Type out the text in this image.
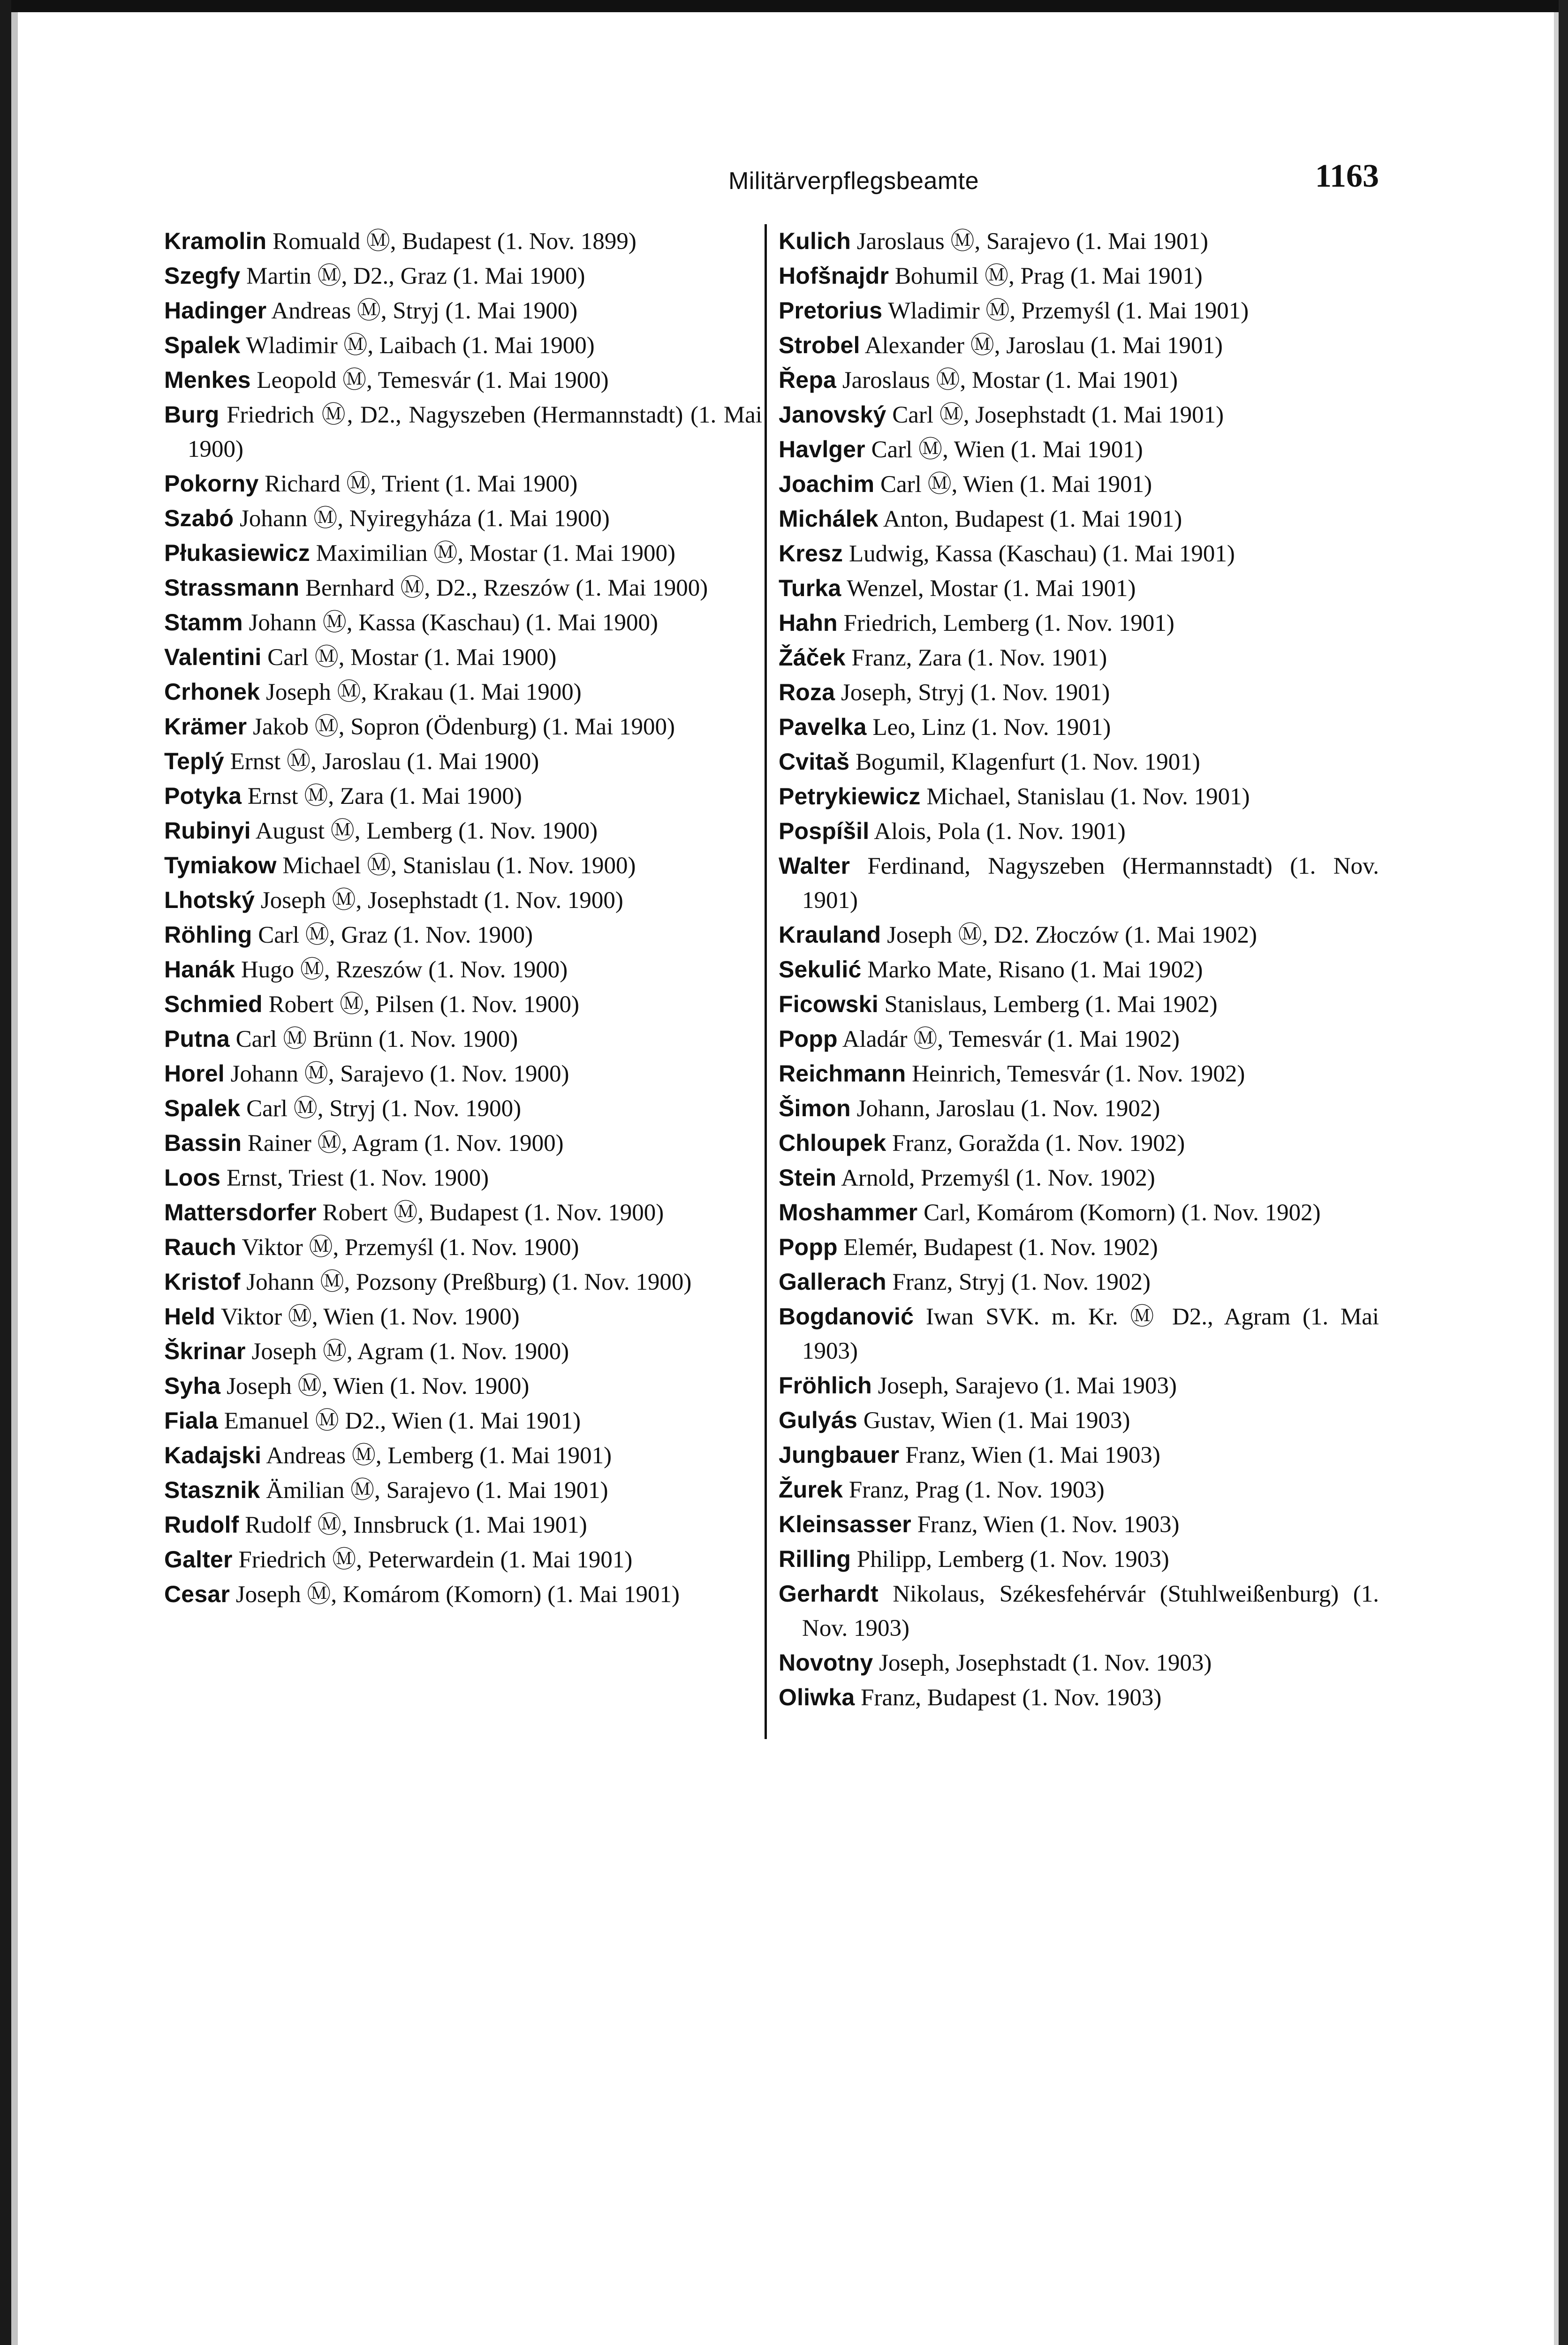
Militärverpflegsbeamte	1163

Kramolin Romuald Ⓜ, Budapest (1. Nov. 1899)

Szegfy Martin Ⓜ, D2., Graz (1. Mai 1900)

Hadinger Andreas Ⓜ, Stryj (1. Mai 1900)

Spalek Wladimir Ⓜ, Laibach (1. Mai 1900)

Menkes Leopold Ⓜ, Temesvár (1. Mai 1900)

Burg Friedrich Ⓜ, D2., Nagyszeben (Hermannstadt) (1. Mai 1900)

Pokorny Richard Ⓜ, Trient (1. Mai 1900)

Szabó Johann Ⓜ, Nyiregyháza (1. Mai 1900)

Płukasiewicz Maximilian Ⓜ, Mostar (1. Mai 1900)

Strassmann Bernhard Ⓜ, D2., Rzeszów (1. Mai 1900)

Stamm Johann Ⓜ, Kassa (Kaschau) (1. Mai 1900)

Valentini Carl Ⓜ, Mostar (1. Mai 1900)

Crhonek Joseph Ⓜ, Krakau (1. Mai 1900)

Krämer Jakob Ⓜ, Sopron (Ödenburg) (1. Mai 1900)

Teplý Ernst Ⓜ, Jaroslau (1. Mai 1900)

Potyka Ernst Ⓜ, Zara (1. Mai 1900)

Rubinyi August Ⓜ, Lemberg (1. Nov. 1900)

Tymiakow Michael Ⓜ, Stanislau (1. Nov. 1900)

Lhotský Joseph Ⓜ, Josephstadt (1. Nov. 1900)

Röhling Carl Ⓜ, Graz (1. Nov. 1900)

Hanák Hugo Ⓜ, Rzeszów (1. Nov. 1900)

Schmied Robert Ⓜ, Pilsen (1. Nov. 1900)

Putna Carl Ⓜ Brünn (1. Nov. 1900)

Horel Johann Ⓜ, Sarajevo (1. Nov. 1900)

Spalek Carl Ⓜ, Stryj (1. Nov. 1900)

Bassin Rainer Ⓜ, Agram (1. Nov. 1900)

Loos Ernst, Triest (1. Nov. 1900)

Mattersdorfer Robert Ⓜ, Budapest (1. Nov. 1900)

Rauch Viktor Ⓜ, Przemyśl (1. Nov. 1900)

Kristof Johann Ⓜ, Pozsony (Preßburg) (1. Nov. 1900)

Held Viktor Ⓜ, Wien (1. Nov. 1900)

Škrinar Joseph Ⓜ, Agram (1. Nov. 1900)

Syha Joseph Ⓜ, Wien (1. Nov. 1900)

Fiala Emanuel Ⓜ D2., Wien (1. Mai 1901)

Kadajski Andreas Ⓜ, Lemberg (1. Mai 1901)

Stasznik Ämilian Ⓜ, Sarajevo (1. Mai 1901)

Rudolf Rudolf Ⓜ, Innsbruck (1. Mai 1901)

Galter Friedrich Ⓜ, Peterwardein (1. Mai 1901)

Cesar Joseph Ⓜ, Komárom (Komorn) (1. Mai 1901)

Kulich Jaroslaus Ⓜ, Sarajevo (1. Mai 1901)

Hofšnajdr Bohumil Ⓜ, Prag (1. Mai 1901)

Pretorius Wladimir Ⓜ, Przemyśl (1. Mai 1901)

Strobel Alexander Ⓜ, Jaroslau (1. Mai 1901)

Řepa Jaroslaus Ⓜ, Mostar (1. Mai 1901)

Janovský Carl Ⓜ, Josephstadt (1. Mai 1901)

Havlger Carl Ⓜ, Wien (1. Mai 1901)

Joachim Carl Ⓜ, Wien (1. Mai 1901)

Michálek Anton, Budapest (1. Mai 1901)

Kresz Ludwig, Kassa (Kaschau) (1. Mai 1901)

Turka Wenzel, Mostar (1. Mai 1901)

Hahn Friedrich, Lemberg (1. Nov. 1901)

Žáček Franz, Zara (1. Nov. 1901)

Roza Joseph, Stryj (1. Nov. 1901)

Pavelka Leo, Linz (1. Nov. 1901)

Cvitaš Bogumil, Klagenfurt (1. Nov. 1901)

Petrykiewicz Michael, Stanislau (1. Nov. 1901)

Pospíšil Alois, Pola (1. Nov. 1901)

Walter Ferdinand, Nagyszeben (Hermannstadt) (1. Nov. 1901)

Krauland Joseph Ⓜ, D2. Złoczów (1. Mai 1902)

Sekulić Marko Mate, Risano (1. Mai 1902)

Ficowski Stanislaus, Lemberg (1. Mai 1902)

Popp Aladár Ⓜ, Temesvár (1. Mai 1902)

Reichmann Heinrich, Temesvár (1. Nov. 1902)

Šimon Johann, Jaroslau (1. Nov. 1902)

Chloupek Franz, Goražda (1. Nov. 1902)

Stein Arnold, Przemyśl (1. Nov. 1902)

Moshammer Carl, Komárom (Komorn) (1. Nov. 1902)

Popp Elemér, Budapest (1. Nov. 1902)

Gallerach Franz, Stryj (1. Nov. 1902)

Bogdanović Iwan SVK. m. Kr. Ⓜ D2., Agram (1. Mai 1903)

Fröhlich Joseph, Sarajevo (1. Mai 1903)

Gulyás Gustav, Wien (1. Mai 1903)

Jungbauer Franz, Wien (1. Mai 1903)

Žurek Franz, Prag (1. Nov. 1903)

Kleinsasser Franz, Wien (1. Nov. 1903)

Rilling Philipp, Lemberg (1. Nov. 1903)

Gerhardt Nikolaus, Székesfehérvár (Stuhlweißenburg) (1. Nov. 1903)

Novotny Joseph, Josephstadt (1. Nov. 1903)

Oliwka Franz, Budapest (1. Nov. 1903)
